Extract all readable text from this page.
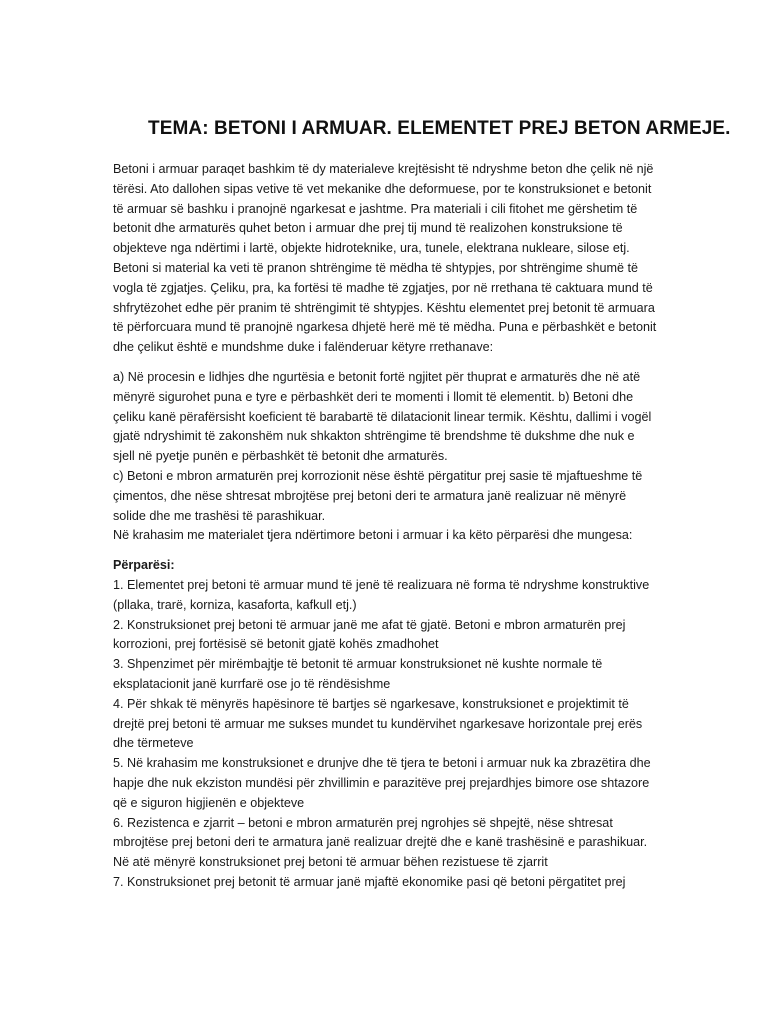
TEMA: BETONI I ARMUAR. ELEMENTET PREJ BETON ARMEJE.

Betoni i armuar paraqet bashkim të dy materialeve krejtësisht të ndryshme beton dhe çelik në një tërësi. Ato dallohen sipas vetive të vet mekanike dhe deformuese, por te konstruksionet e betonit të armuar së bashku i pranojnë ngarkesat e jashtme. Pra materiali i cili fitohet me gërshetim të betonit dhe armaturës quhet beton i armuar dhe prej tij mund të realizohen konstruksione të objekteve nga ndërtimi i lartë, objekte hidroteknike, ura, tunele, elektrana nukleare, silose etj.

Betoni si material ka veti të pranon shtrëngime të mëdha të shtypjes, por shtrëngime shumë të vogla të zgjatjes. Çeliku, pra, ka fortësi të madhe të zgjatjes, por në rrethana të caktuara mund të shfrytëzohet edhe për pranim të shtrëngimit të shtypjes. Kështu elementet prej betonit të armuara të përforcuara mund të pranojnë ngarkesa dhjetë herë më të mëdha. Puna e përbashkët e betonit dhe çelikut është e mundshme duke i falënderuar këtyre rrethanave:

a) Në procesin e lidhjes dhe ngurtësia e betonit fortë ngjitet për thuprat e armaturës dhe në atë mënyrë sigurohet puna e tyre e përbashkët deri te momenti i llomit të elementit. b) Betoni dhe çeliku kanë përafërsisht koeficient të barabartë të dilatacionit linear termik. Kështu, dallimi i vogël gjatë ndryshimit të zakonshëm nuk shkakton shtrëngime të brendshme të dukshme dhe nuk e sjell në pyetje punën e përbashkët të betonit dhe armaturës.

c) Betoni e mbron armaturën prej korrozionit nëse është përgatitur prej sasie të mjaftueshme të çimentos, dhe nëse shtresat mbrojtëse prej betoni deri te armatura janë realizuar në mënyrë solide dhe me trashësi të parashikuar.

Në krahasim me materialet tjera ndërtimore betoni i armuar i ka këto përparësi dhe mungesa:

Përparësi:

1. Elementet prej betoni të armuar mund të jenë të realizuara në forma të ndryshme konstruktive (pllaka, trarë, korniza, kasaforta, kafkull etj.)

2. Konstruksionet prej betoni të armuar janë me afat të gjatë. Betoni e mbron armaturën prej korrozioni, prej fortësisë së betonit gjatë kohës zmadhohet

3. Shpenzimet për mirëmbajtje të betonit të armuar konstruksionet në kushte normale të eksplatacionit janë kurrfarë ose jo të rëndësishme

4. Për shkak të mënyrës hapësinore të bartjes së ngarkesave, konstruksionet e projektimit të drejtë prej betoni të armuar me sukses mundet tu kundërvihet ngarkesave horizontale prej erës dhe tërmeteve

5. Në krahasim me konstruksionet e drunjve dhe të tjera te betoni i armuar nuk ka zbrazëtira dhe hapje dhe nuk ekziston mundësi për zhvillimin e parazitëve prej prejardhjes bimore ose shtazore që e siguron higjienën e objekteve

6. Rezistenca e zjarrit – betoni e mbron armaturën prej ngrohjes së shpejtë, nëse shtresat mbrojtëse prej betoni deri te armatura janë realizuar drejtë dhe e kanë trashësinë e parashikuar. Në atë mënyrë konstruksionet prej betoni të armuar bëhen rezistuese të zjarrit

7. Konstruksionet prej betonit të armuar janë mjaftë ekonomike pasi që betoni përgatitet prej
